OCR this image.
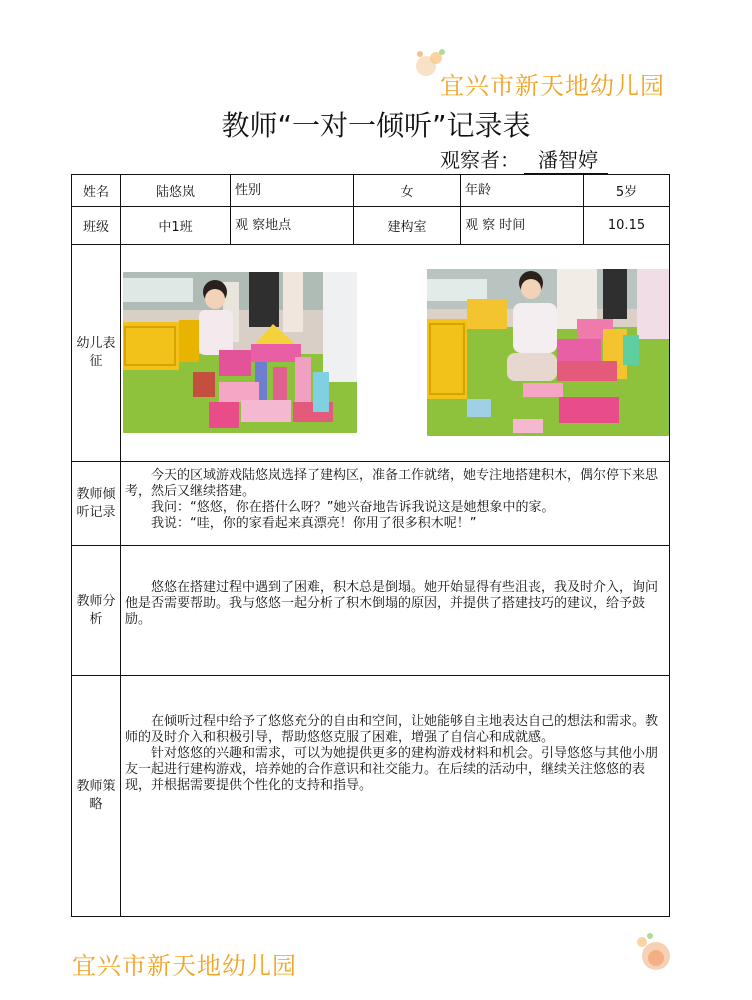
宜兴市新天地幼儿园
教师“一对一倾听”记录表
观察者： 潘智婷
姓名	陆悠岚	性别	女	年龄	5岁
班级	中1班	观 察地点	建构室	观 察 时间	10.15
幼儿表征	

教师倾听记录	今天的区域游戏陆悠岚选择了建构区，准备工作就绪，她专注地搭建积木，偶尔停下来思考，然后又继续搭建。

我问：“悠悠，你在搭什么呀？”她兴奋地告诉我说这是她想象中的家。

我说：“哇，你的家看起来真漂亮！你用了很多积木呢！”				

教师分析	悠悠在搭建过程中遇到了困难，积木总是倒塌。她开始显得有些沮丧，我及时介入，询问他是否需要帮助。我与悠悠一起分析了积木倒塌的原因，并提供了搭建技巧的建议，给予鼓励。				

教师策略	在倾听过程中给予了悠悠充分的自由和空间，让她能够自主地表达自己的想法和需求。教师的及时介入和积极引导，帮助悠悠克服了困难，增强了自信心和成就感。

针对悠悠的兴趣和需求，可以为她提供更多的建构游戏材料和机会。引导悠悠与其他小朋友一起进行建构游戏，培养她的合作意识和社交能力。在后续的活动中，继续关注悠悠的表现，并根据需要提供个性化的支持和指导。				

宜兴市新天地幼儿园
